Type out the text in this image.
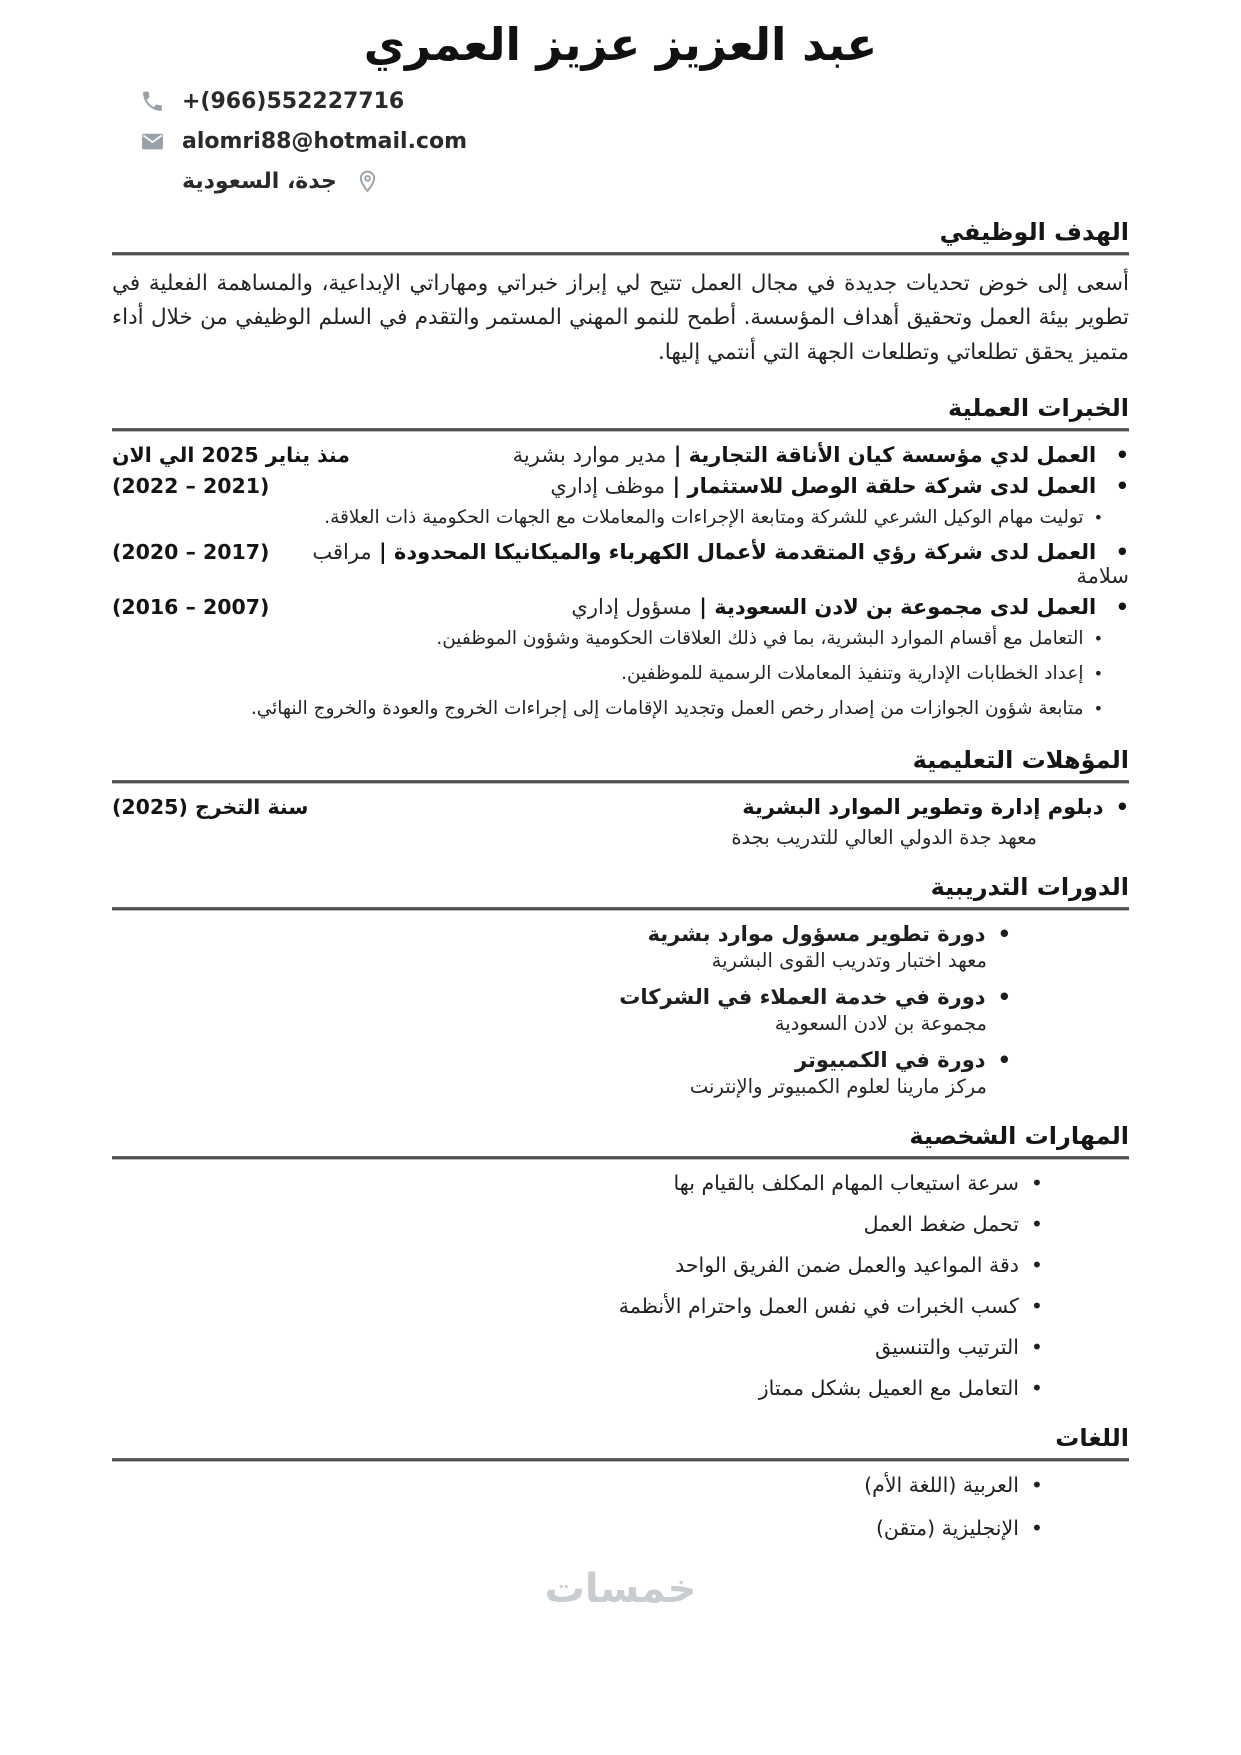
عبد العزيز عزيز العمري
+(966)552227716
alomri88@hotmail.com
جدة، السعودية
الهدف الوظيفي

أسعى إلى خوض تحديات جديدة في مجال العمل تتيح لي إبراز خبراتي ومهاراتي الإبداعية، والمساهمة الفعلية في تطوير بيئة العمل وتحقيق أهداف المؤسسة. أطمح للنمو المهني المستمر والتقدم في السلم الوظيفي من خلال أداء متميز يحقق تطلعاتي وتطلعات الجهة التي أنتمي إليها.

الخبرات العملية
• العمل لدي مؤسسة كيان الأناقة التجارية | مدير موارد بشرية
منذ يناير 2025 الي الان
• العمل لدى شركة حلقة الوصل للاستثمار | موظف إداري
(2021 – 2022)
• توليت مهام الوكيل الشرعي للشركة ومتابعة الإجراءات والمعاملات مع الجهات الحكومية ذات العلاقة.
• العمل لدى شركة رؤي المتقدمة لأعمال الكهرباء والميكانيكا المحدودة | مراقب سلامة
(2017 – 2020)
• العمل لدى مجموعة بن لادن السعودية | مسؤول إداري
(2007 – 2016)
• التعامل مع أقسام الموارد البشرية، بما في ذلك العلاقات الحكومية وشؤون الموظفين.
• إعداد الخطابات الإدارية وتنفيذ المعاملات الرسمية للموظفين.
• متابعة شؤون الجوازات من إصدار رخص العمل وتجديد الإقامات إلى إجراءات الخروج والعودة والخروج النهائي.
المؤهلات التعليمية
• دبلوم إدارة وتطوير الموارد البشرية
سنة التخرج (2025)
معهد جدة الدولي العالي للتدريب بجدة
الدورات التدريبية
• دورة تطوير مسؤول موارد بشرية
معهد اختبار وتدريب القوى البشرية
• دورة في خدمة العملاء في الشركات
مجموعة بن لادن السعودية
• دورة في الكمبيوتر
مركز مارينا لعلوم الكمبيوتر والإنترنت
المهارات الشخصية
• سرعة استيعاب المهام المكلف بالقيام بها
• تحمل ضغط العمل
• دقة المواعيد والعمل ضمن الفريق الواحد
• كسب الخبرات في نفس العمل واحترام الأنظمة
• الترتيب والتنسيق
• التعامل مع العميل بشكل ممتاز
اللغات
• العربية (اللغة الأم)
• الإنجليزية (متقن)
خمسات
